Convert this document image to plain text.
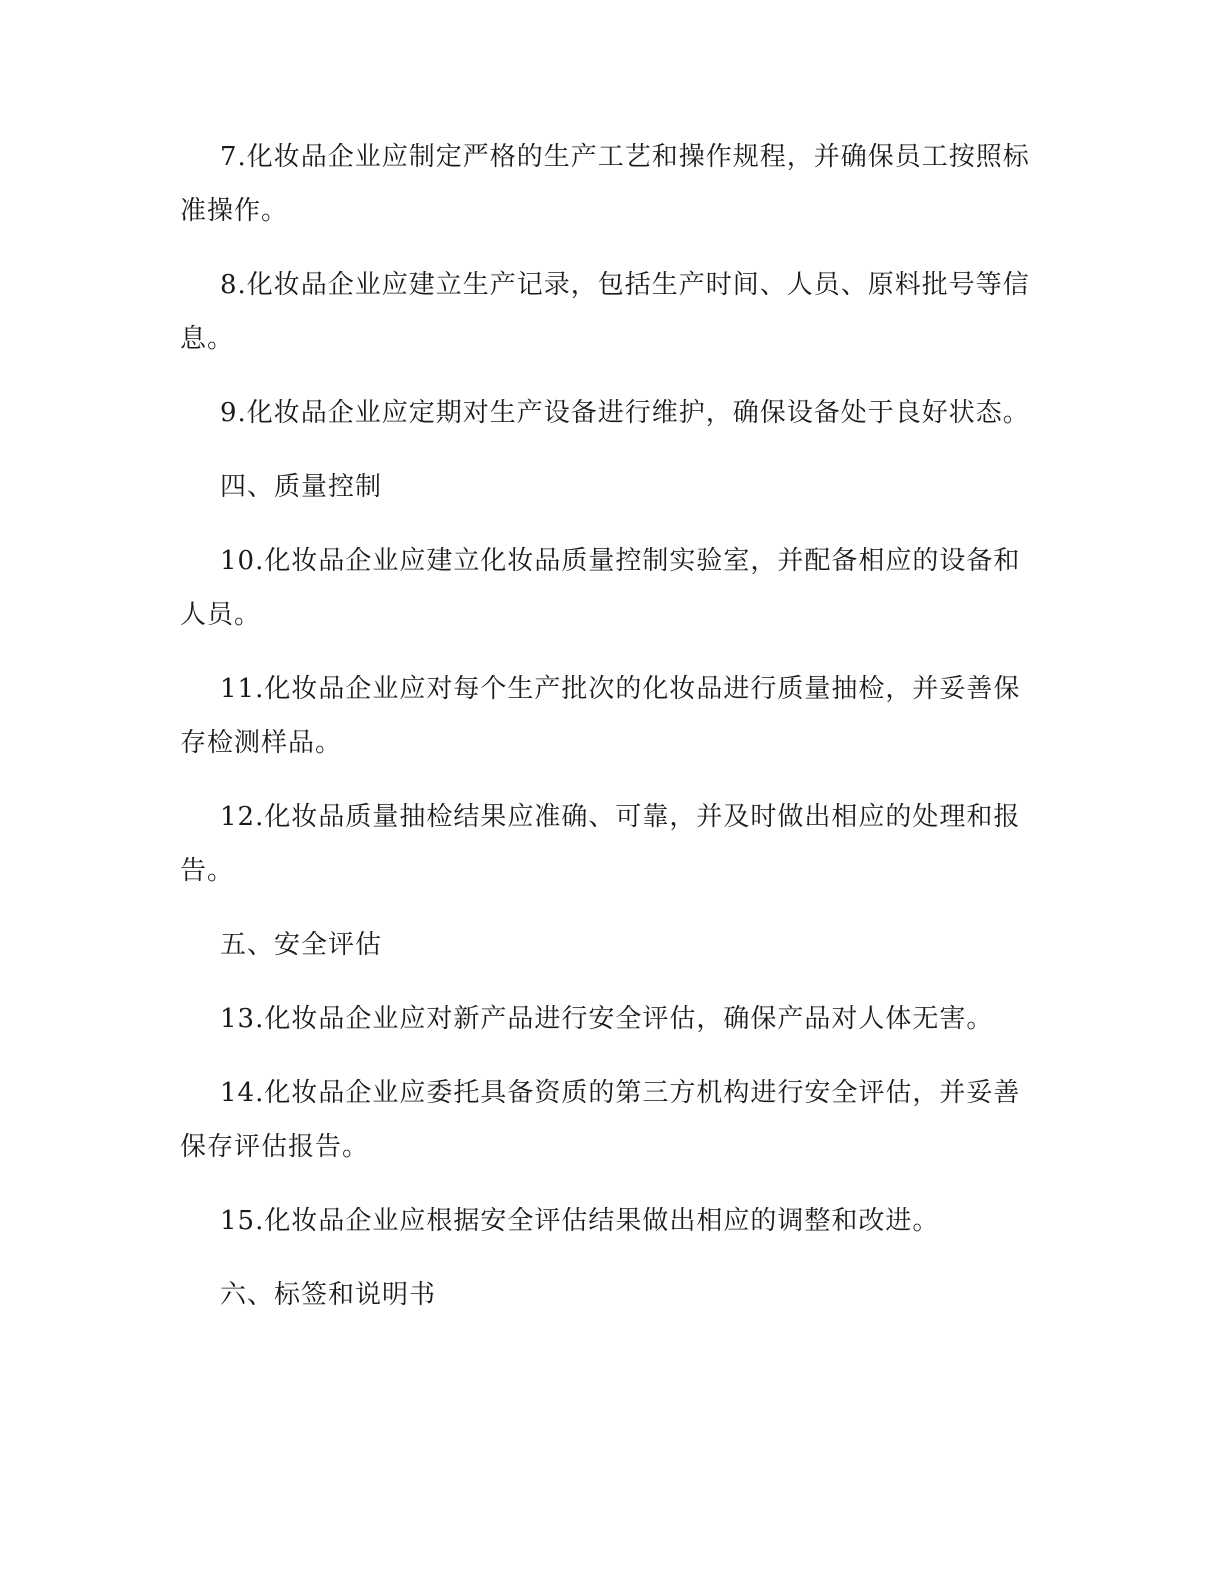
7.化妆品企业应制定严格的生产工艺和操作规程，并确保员工按照标准操作。

8.化妆品企业应建立生产记录，包括生产时间、人员、原料批号等信息。

9.化妆品企业应定期对生产设备进行维护，确保设备处于良好状态。

四、质量控制

10.化妆品企业应建立化妆品质量控制实验室，并配备相应的设备和人员。

11.化妆品企业应对每个生产批次的化妆品进行质量抽检，并妥善保存检测样品。

12.化妆品质量抽检结果应准确、可靠，并及时做出相应的处理和报告。

五、安全评估

13.化妆品企业应对新产品进行安全评估，确保产品对人体无害。

14.化妆品企业应委托具备资质的第三方机构进行安全评估，并妥善保存评估报告。

15.化妆品企业应根据安全评估结果做出相应的调整和改进。

六、标签和说明书
